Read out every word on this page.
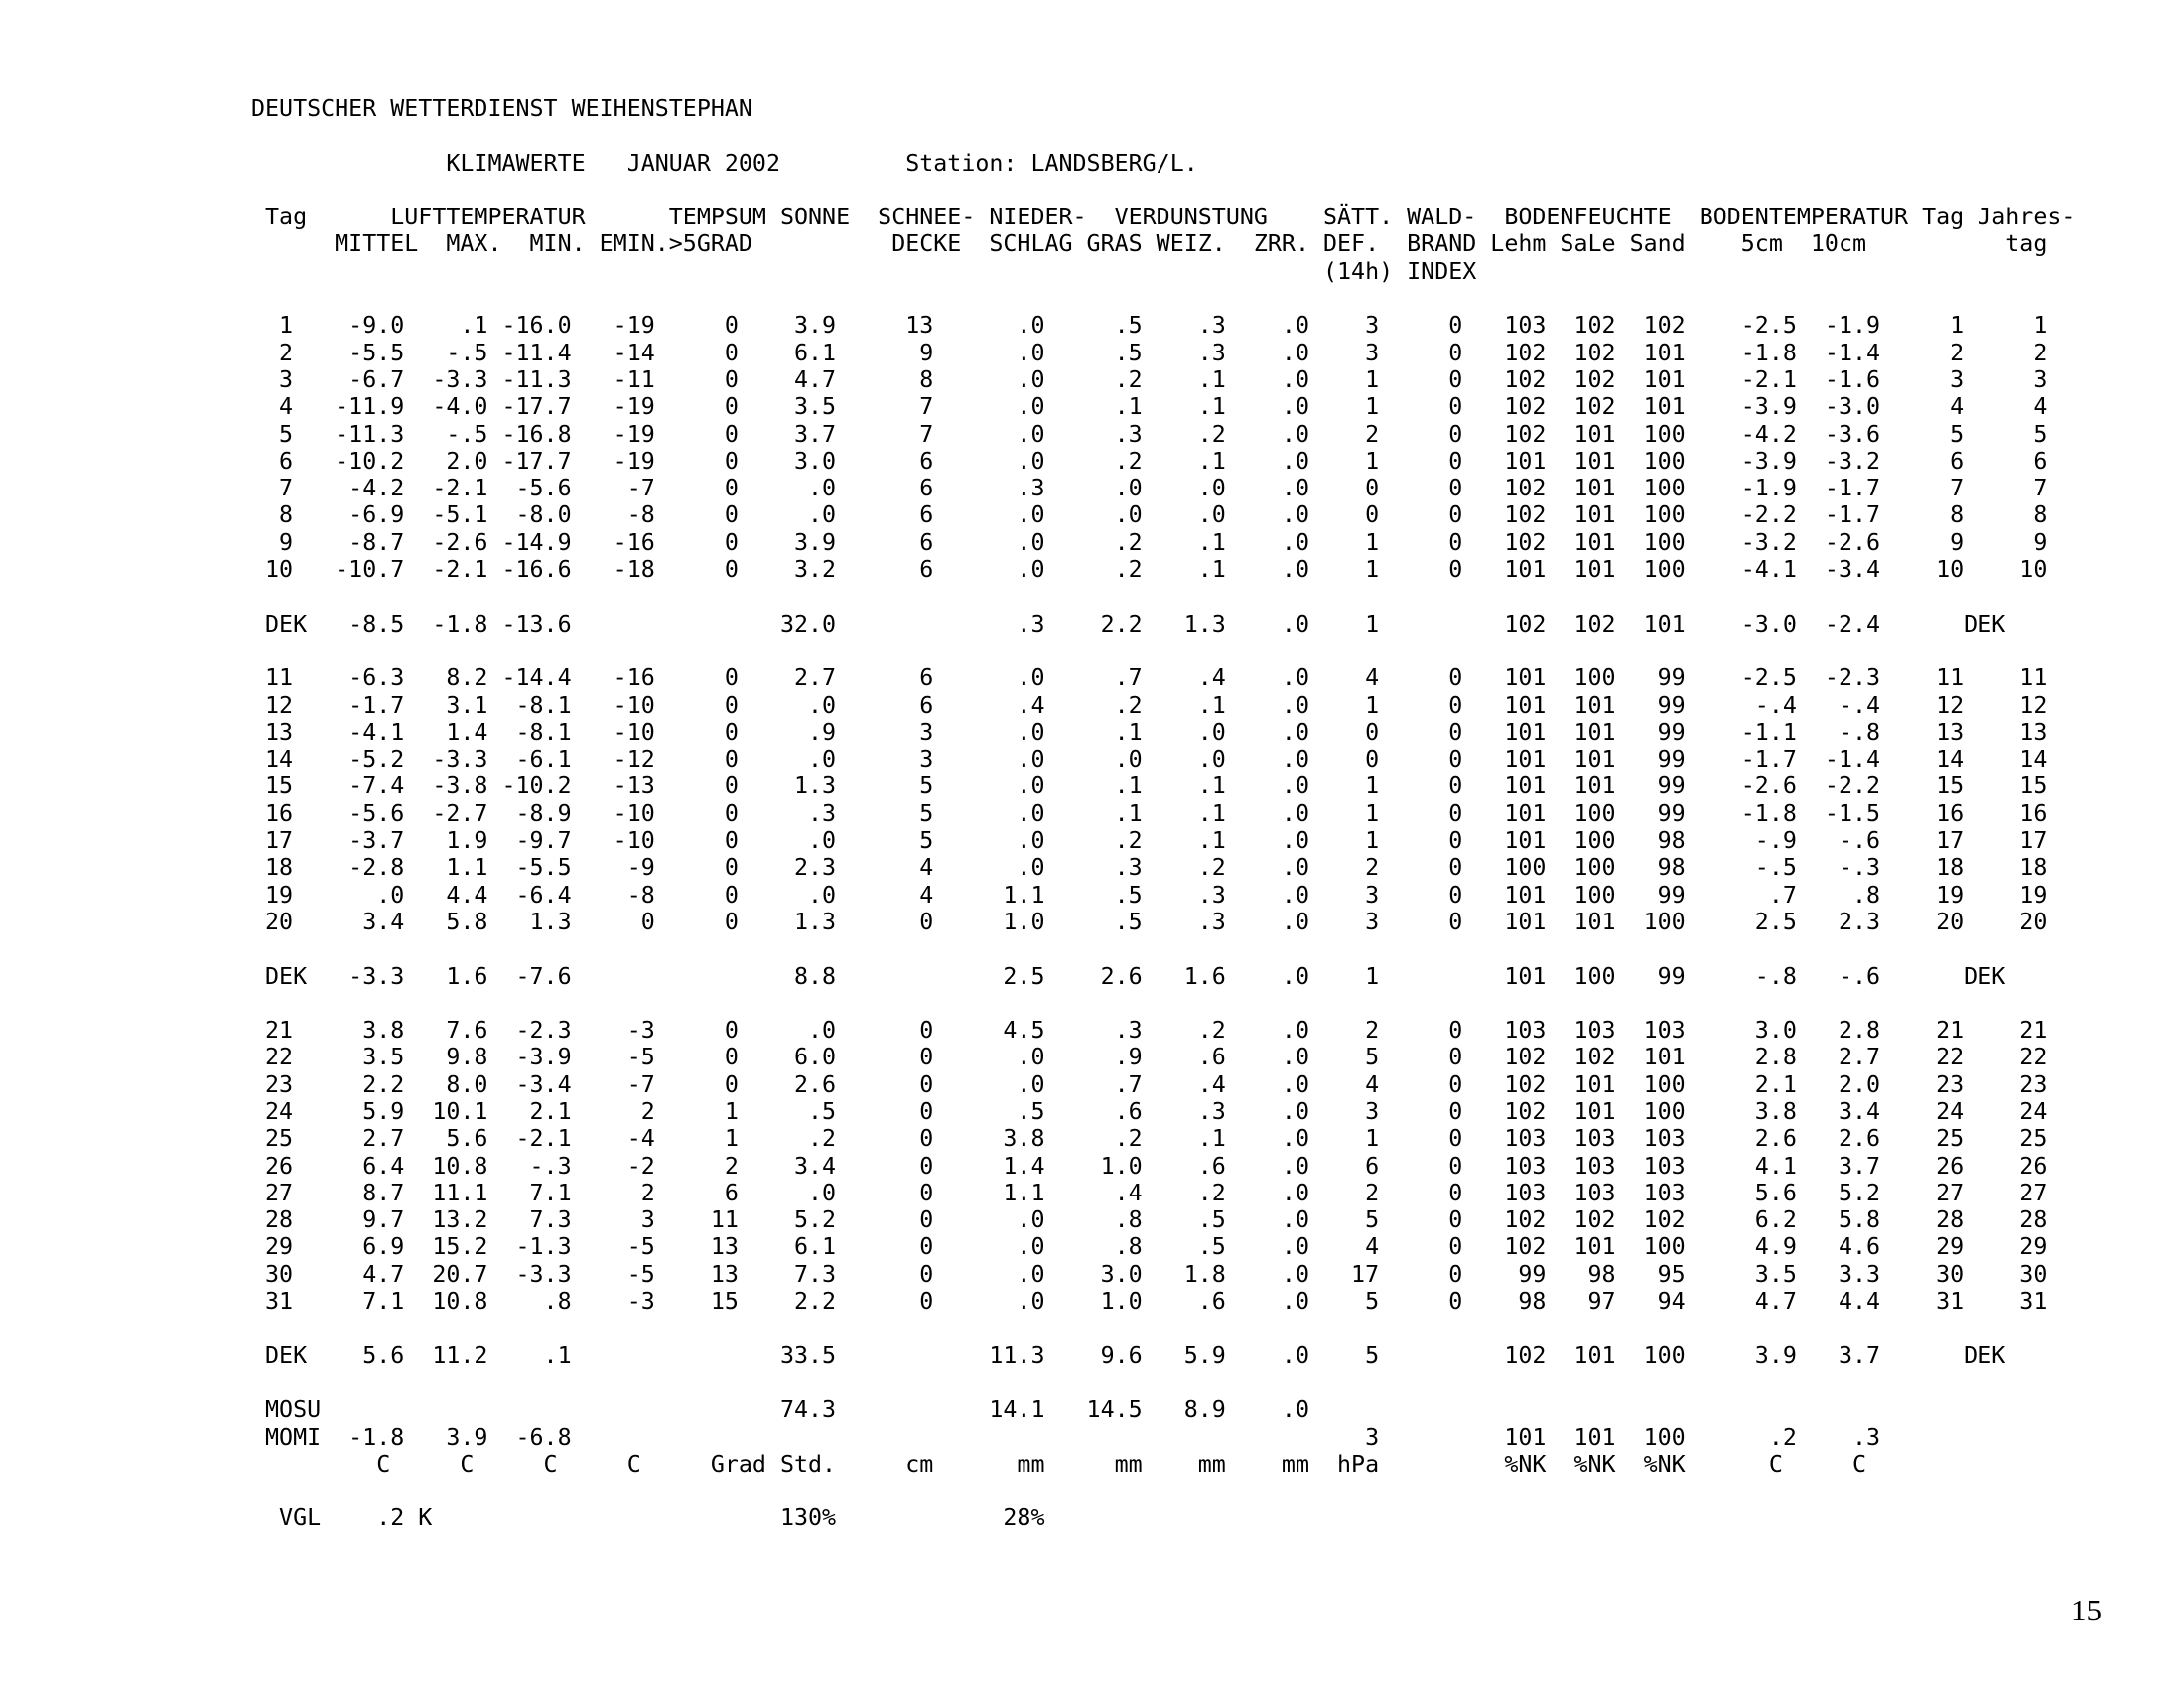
DEUTSCHER WETTERDIENST WEIHENSTEPHAN

KLIMAWERTE   JANUAR 2002         Station: LANDSBERG/L.

Tag      LUFTTEMPERATUR      TEMPSUM SONNE  SCHNEE- NIEDER-  VERDUNSTUNG    SÄTT. WALD-  BODENFEUCHTE  BODENTEMPERATUR Tag Jahres-
MITTEL  MAX.  MIN. EMIN.>5GRAD          DECKE  SCHLAG GRAS WEIZ.  ZRR. DEF.  BRAND Lehm SaLe Sand    5cm  10cm          tag
(14h) INDEX

1    -9.0    .1 -16.0   -19     0    3.9     13      .0     .5    .3    .0    3     0   103  102  102    -2.5  -1.9     1     1
2    -5.5   -.5 -11.4   -14     0    6.1      9      .0     .5    .3    .0    3     0   102  102  101    -1.8  -1.4     2     2
3    -6.7  -3.3 -11.3   -11     0    4.7      8      .0     .2    .1    .0    1     0   102  102  101    -2.1  -1.6     3     3
4   -11.9  -4.0 -17.7   -19     0    3.5      7      .0     .1    .1    .0    1     0   102  102  101    -3.9  -3.0     4     4
5   -11.3   -.5 -16.8   -19     0    3.7      7      .0     .3    .2    .0    2     0   102  101  100    -4.2  -3.6     5     5
6   -10.2   2.0 -17.7   -19     0    3.0      6      .0     .2    .1    .0    1     0   101  101  100    -3.9  -3.2     6     6
7    -4.2  -2.1  -5.6    -7     0     .0      6      .3     .0    .0    .0    0     0   102  101  100    -1.9  -1.7     7     7
8    -6.9  -5.1  -8.0    -8     0     .0      6      .0     .0    .0    .0    0     0   102  101  100    -2.2  -1.7     8     8
9    -8.7  -2.6 -14.9   -16     0    3.9      6      .0     .2    .1    .0    1     0   102  101  100    -3.2  -2.6     9     9
10   -10.7  -2.1 -16.6   -18     0    3.2      6      .0     .2    .1    .0    1     0   101  101  100    -4.1  -3.4    10    10

DEK   -8.5  -1.8 -13.6               32.0             .3    2.2   1.3    .0    1         102  102  101    -3.0  -2.4      DEK

11    -6.3   8.2 -14.4   -16     0    2.7      6      .0     .7    .4    .0    4     0   101  100   99    -2.5  -2.3    11    11
12    -1.7   3.1  -8.1   -10     0     .0      6      .4     .2    .1    .0    1     0   101  101   99     -.4   -.4    12    12
13    -4.1   1.4  -8.1   -10     0     .9      3      .0     .1    .0    .0    0     0   101  101   99    -1.1   -.8    13    13
14    -5.2  -3.3  -6.1   -12     0     .0      3      .0     .0    .0    .0    0     0   101  101   99    -1.7  -1.4    14    14
15    -7.4  -3.8 -10.2   -13     0    1.3      5      .0     .1    .1    .0    1     0   101  101   99    -2.6  -2.2    15    15
16    -5.6  -2.7  -8.9   -10     0     .3      5      .0     .1    .1    .0    1     0   101  100   99    -1.8  -1.5    16    16
17    -3.7   1.9  -9.7   -10     0     .0      5      .0     .2    .1    .0    1     0   101  100   98     -.9   -.6    17    17
18    -2.8   1.1  -5.5    -9     0    2.3      4      .0     .3    .2    .0    2     0   100  100   98     -.5   -.3    18    18
19      .0   4.4  -6.4    -8     0     .0      4     1.1     .5    .3    .0    3     0   101  100   99      .7    .8    19    19
20     3.4   5.8   1.3     0     0    1.3      0     1.0     .5    .3    .0    3     0   101  101  100     2.5   2.3    20    20

DEK   -3.3   1.6  -7.6                8.8            2.5    2.6   1.6    .0    1         101  100   99     -.8   -.6      DEK

21     3.8   7.6  -2.3    -3     0     .0      0     4.5     .3    .2    .0    2     0   103  103  103     3.0   2.8    21    21
22     3.5   9.8  -3.9    -5     0    6.0      0      .0     .9    .6    .0    5     0   102  102  101     2.8   2.7    22    22
23     2.2   8.0  -3.4    -7     0    2.6      0      .0     .7    .4    .0    4     0   102  101  100     2.1   2.0    23    23
24     5.9  10.1   2.1     2     1     .5      0      .5     .6    .3    .0    3     0   102  101  100     3.8   3.4    24    24
25     2.7   5.6  -2.1    -4     1     .2      0     3.8     .2    .1    .0    1     0   103  103  103     2.6   2.6    25    25
26     6.4  10.8   -.3    -2     2    3.4      0     1.4    1.0    .6    .0    6     0   103  103  103     4.1   3.7    26    26
27     8.7  11.1   7.1     2     6     .0      0     1.1     .4    .2    .0    2     0   103  103  103     5.6   5.2    27    27
28     9.7  13.2   7.3     3    11    5.2      0      .0     .8    .5    .0    5     0   102  102  102     6.2   5.8    28    28
29     6.9  15.2  -1.3    -5    13    6.1      0      .0     .8    .5    .0    4     0   102  101  100     4.9   4.6    29    29
30     4.7  20.7  -3.3    -5    13    7.3      0      .0    3.0   1.8    .0   17     0    99   98   95     3.5   3.3    30    30
31     7.1  10.8    .8    -3    15    2.2      0      .0    1.0    .6    .0    5     0    98   97   94     4.7   4.4    31    31

DEK    5.6  11.2    .1               33.5           11.3    9.6   5.9    .0    5         102  101  100     3.9   3.7      DEK

MOSU                                 74.3           14.1   14.5   8.9    .0
MOMI  -1.8   3.9  -6.8                                                         3         101  101  100      .2    .3
C     C     C     C     Grad Std.     cm      mm     mm    mm    mm  hPa         %NK  %NK  %NK      C     C

VGL    .2 K                         130%            28%
15
